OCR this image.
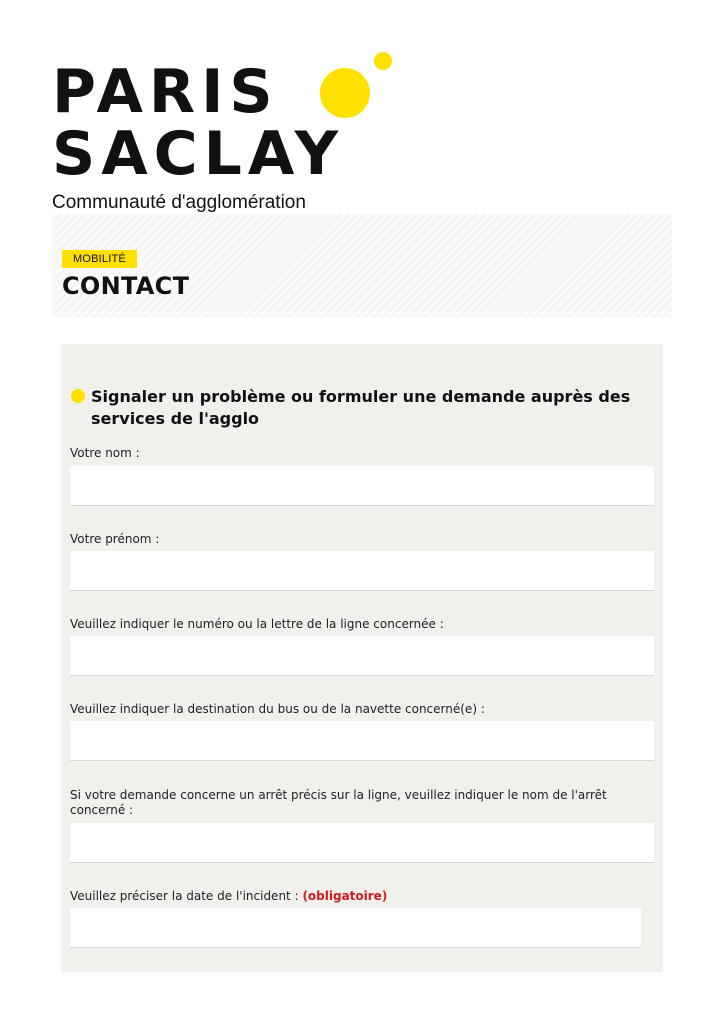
PARIS
SACLAY
Communauté d'agglomération
MOBILITÉ
CONTACT
Signaler un problème ou formuler une demande auprès des services de l'agglo
Votre nom :
Votre prénom :
Veuillez indiquer le numéro ou la lettre de la ligne concernée :
Veuillez indiquer la destination du bus ou de la navette concerné(e) :
Si votre demande concerne un arrêt précis sur la ligne, veuillez indiquer le nom de l'arrêt concerné :
Veuillez préciser la date de l'incident : (obligatoire)
